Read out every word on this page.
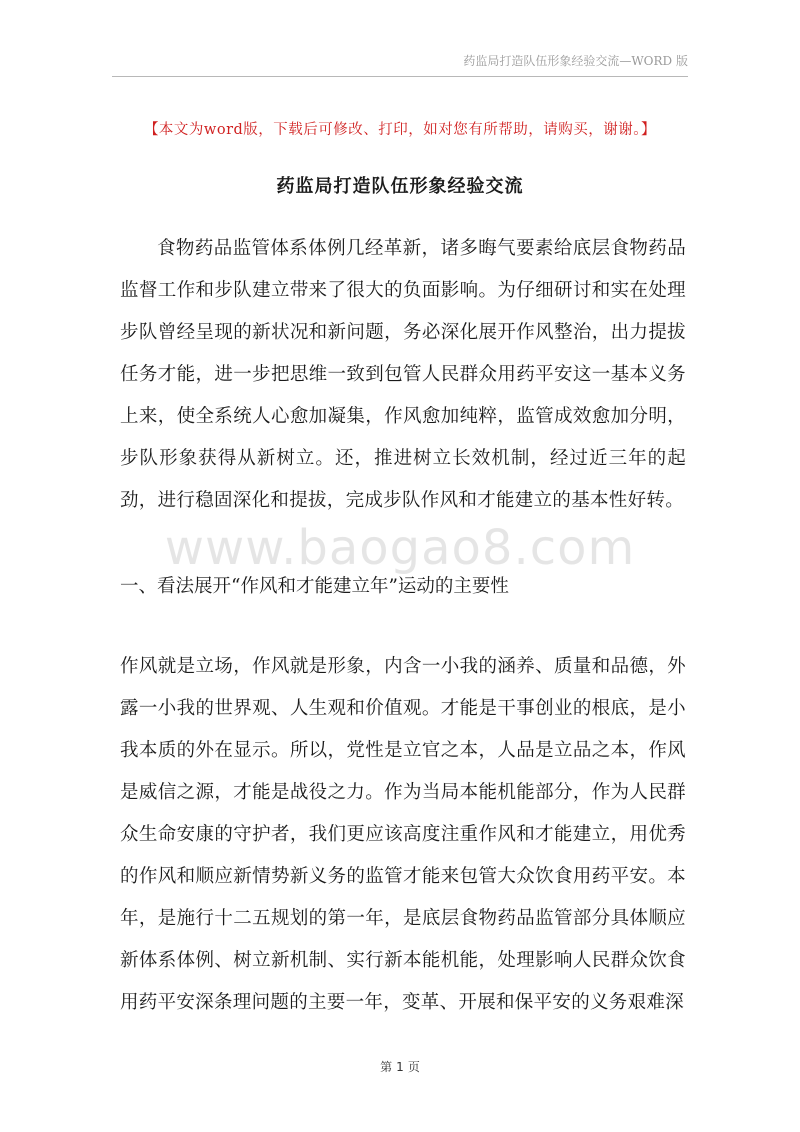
药监局打造队伍形象经验交流—WORD 版
【本文为word版，下载后可修改、打印，如对您有所帮助，请购买，谢谢。】
药监局打造队伍形象经验交流

食物药品监管体系体例几经革新，诸多晦气要素给底层食物药品监督工作和步队建立带来了很大的负面影响。为仔细研讨和实在处理步队曾经呈现的新状况和新问题，务必深化展开作风整治，出力提拔任务才能，进一步把思维一致到包管人民群众用药平安这一基本义务上来，使全系统人心愈加凝集，作风愈加纯粹，监管成效愈加分明，步队形象获得从新树立。还，推进树立长效机制，经过近三年的起劲，进行稳固深化和提拔，完成步队作风和才能建立的基本性好转。

www.baogao8.com

一、看法展开“作风和才能建立年”运动的主要性

作风就是立场，作风就是形象，内含一小我的涵养、质量和品德，外露一小我的世界观、人生观和价值观。才能是干事创业的根底，是小我本质的外在显示。所以，党性是立官之本，人品是立品之本，作风是威信之源，才能是战役之力。作为当局本能机能部分，作为人民群众生命安康的守护者，我们更应该高度注重作风和才能建立，用优秀的作风和顺应新情势新义务的监管才能来包管大众饮食用药平安。本年，是施行十二五规划的第一年，是底层食物药品监管部分具体顺应新体系体例、树立新机制、实行新本能机能，处理影响人民群众饮食用药平安深条理问题的主要一年，变革、开展和保平安的义务艰难深

第 1 页
